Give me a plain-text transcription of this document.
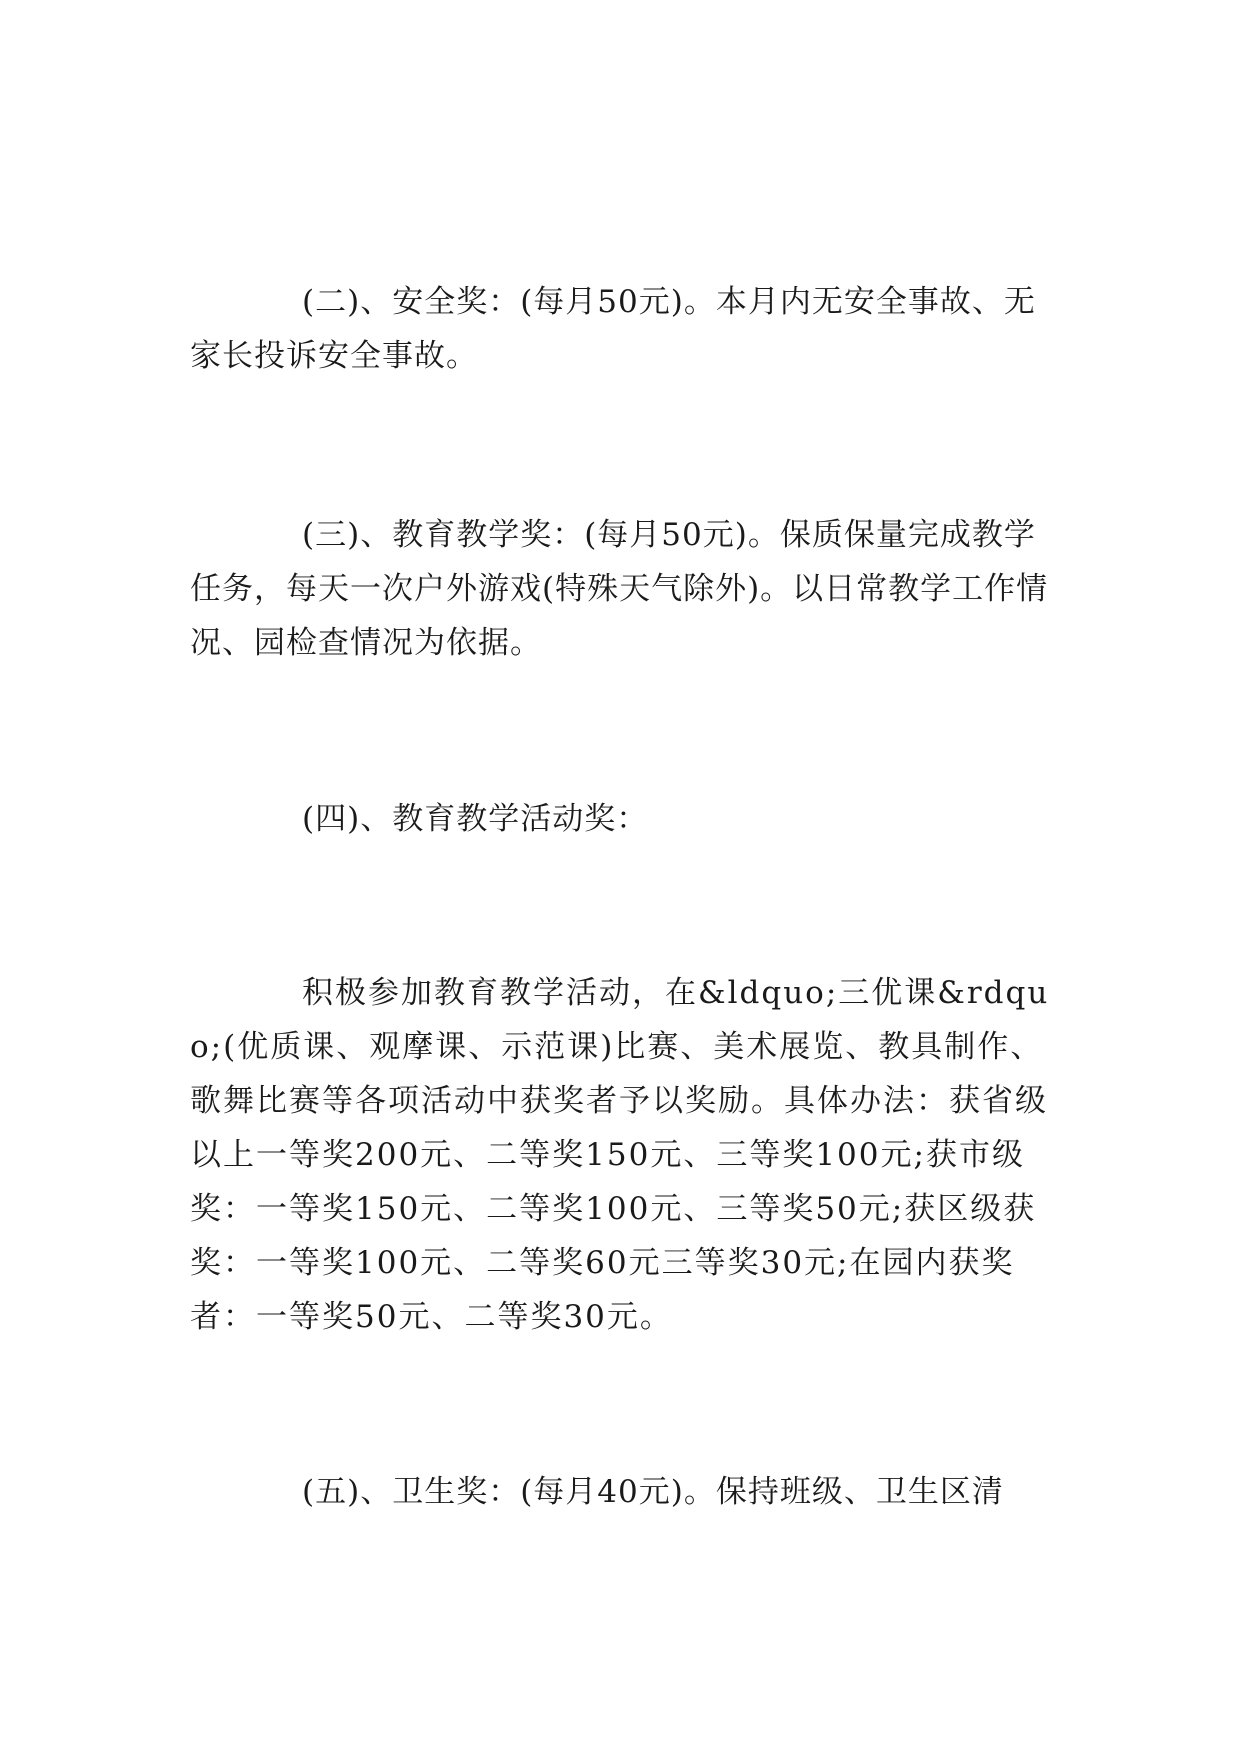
(二)、安全奖：(每月50元)。本月内无安全事故、无家长投诉安全事故。

(三)、教育教学奖：(每月50元)。保质保量完成教学任务，每天一次户外游戏(特殊天气除外)。以日常教学工作情况、园检查情况为依据。

(四)、教育教学活动奖：

积极参加教育教学活动，在&ldquo;三优课&rdquo;(优质课、观摩课、示范课)比赛、美术展览、教具制作、歌舞比赛等各项活动中获奖者予以奖励。具体办法：获省级以上一等奖200元、二等奖150元、三等奖100元;获市级奖：一等奖150元、二等奖100元、三等奖50元;获区级获奖：一等奖100元、二等奖60元三等奖30元;在园内获奖者：一等奖50元、二等奖30元。

(五)、卫生奖：(每月40元)。保持班级、卫生区清
